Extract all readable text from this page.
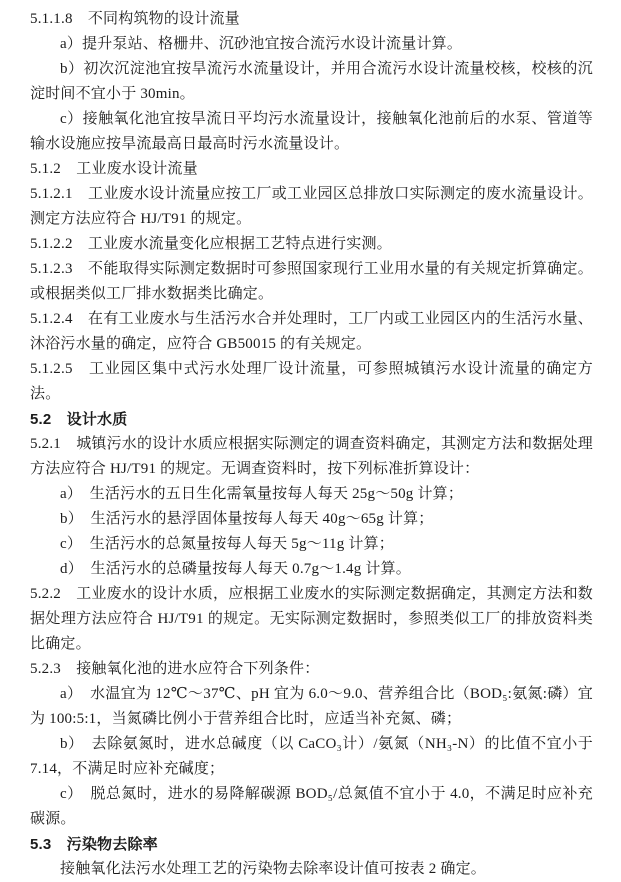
5.1.1.8　不同构筑物的设计流量

a）提升泵站、格栅井、沉砂池宜按合流污水设计流量计算。

b）初次沉淀池宜按旱流污水流量设计，并用合流污水设计流量校核，校核的沉淀时间不宜小于 30min。

c）接触氧化池宜按旱流日平均污水流量设计，接触氧化池前后的水泵、管道等输水设施应按旱流最高日最高时污水流量设计。

5.1.2　工业废水设计流量

5.1.2.1　工业废水设计流量应按工厂或工业园区总排放口实际测定的废水流量设计。测定方法应符合 HJ/T91 的规定。

5.1.2.2　工业废水流量变化应根据工艺特点进行实测。

5.1.2.3　不能取得实际测定数据时可参照国家现行工业用水量的有关规定折算确定。或根据类似工厂排水数据类比确定。

5.1.2.4　在有工业废水与生活污水合并处理时，工厂内或工业园区内的生活污水量、沐浴污水量的确定，应符合 GB50015 的有关规定。

5.1.2.5　工业园区集中式污水处理厂设计流量，可参照城镇污水设计流量的确定方法。

5.2　设计水质

5.2.1　城镇污水的设计水质应根据实际测定的调查资料确定，其测定方法和数据处理方法应符合 HJ/T91 的规定。无调查资料时，按下列标准折算设计：

a）　生活污水的五日生化需氧量按每人每天 25g～50g 计算；

b）　生活污水的悬浮固体量按每人每天 40g～65g 计算；

c）　生活污水的总氮量按每人每天 5g～11g 计算；

d）　生活污水的总磷量按每人每天 0.7g～1.4g 计算。

5.2.2　工业废水的设计水质，应根据工业废水的实际测定数据确定，其测定方法和数据处理方法应符合 HJ/T91 的规定。无实际测定数据时，参照类似工厂的排放资料类比确定。

5.2.3　接触氧化池的进水应符合下列条件：

a）　水温宜为 12℃～37℃、pH 宜为 6.0～9.0、营养组合比（BOD₅:氨氮:磷）宜为 100:5:1，当氮磷比例小于营养组合比时，应适当补充氮、磷；

b）　去除氨氮时，进水总碱度（以 CaCO₃计）/氨氮（NH₃-N）的比值不宜小于 7.14，不满足时应补充碱度；

c）　脱总氮时，进水的易降解碳源 BOD₅/总氮值不宜小于 4.0，不满足时应补充碳源。

5.3　污染物去除率

接触氧化法污水处理工艺的污染物去除率设计值可按表 2 确定。
